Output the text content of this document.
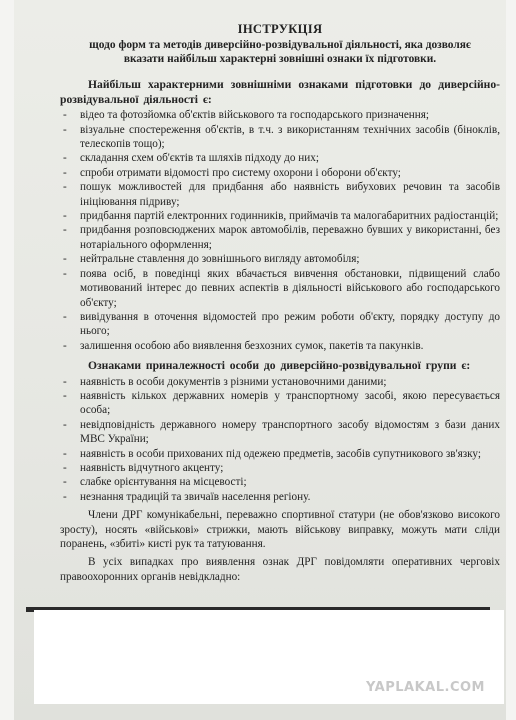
ІНСТРУКЦІЯ
щодо форм та методів диверсійно-розвідувальної діяльності, яка дозволяє вказати найбільш характерні зовнішні ознаки їх підготовки.
Найбільш характерними зовнішніми ознаками підготовки до диверсійно-розвідувальної діяльності є:
- відео та фотозйомка об'єктів військового та господарського призначення;
- візуальне спостереження об'єктів, в т.ч. з використанням технічних засобів (біноклів, телескопів тощо);
- складання схем об'єктів та шляхів підходу до них;
- спроби отримати відомості про систему охорони і оборони об'єкту;
- пошук можливостей для придбання або наявність вибухових речовин та засобів ініціювання підриву;
- придбання партій електронних годинників, приймачів та малогабаритних радіостанцій;
- придбання розповсюджених марок автомобілів, переважно бувших у використанні, без нотаріального оформлення;
- нейтральне ставлення до зовнішнього вигляду автомобіля;
- поява осіб, в поведінці яких вбачається вивчення обстановки, підвищений слабо мотивований інтерес до певних аспектів в діяльності військового або господарського об'єкту;
- вивідування в оточення відомостей про режим роботи об'єкту, порядку доступу до нього;
- залишення особою або виявлення безхозних сумок, пакетів та пакунків.
Ознаками приналежності особи до диверсійно-розвідувальної групи є:
- наявність в особи документів з різними установочними даними;
- наявність кількох державних номерів у транспортному засобі, якою пересувається особа;
- невідповідність державного номеру транспортного засобу відомостям з бази даних МВС України;
- наявність в особи прихованих під одежею предметів, засобів супутникового зв'язку;
- наявність відчутного акценту;
- слабке орієнтування на місцевості;
- незнання традицій та звичаїв населення регіону.
Члени ДРГ комунікабельні, переважно спортивної статури (не обов'язково високого зросту), носять «військові» стрижки, мають військову виправку, можуть мати сліди поранень, «збиті» кисті рук та татуювання.
В усіх випадках про виявлення ознак ДРГ повідомляти оперативних черговіх правоохоронних органів невідкладно:
YAPLAKAL.COM
